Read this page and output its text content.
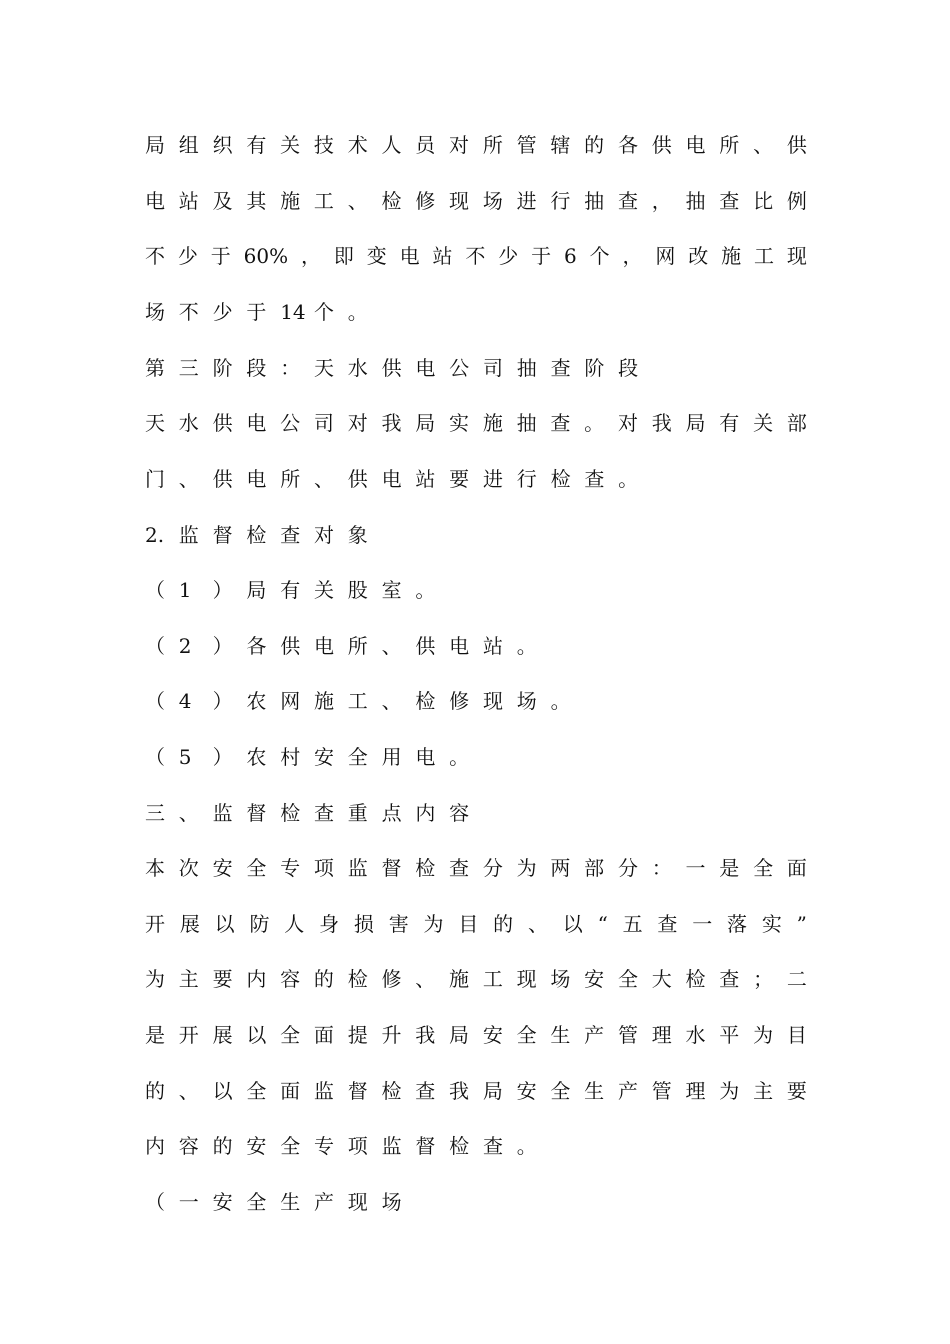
局 组 织 有 关 技 术 人 员 对 所 管 辖 的 各 供 电 所 、 供
电 站 及 其 施 工 、 检 修 现 场 进 行 抽 查 ， 抽 查 比 例
不 少 于 60% ， 即 变 电 站 不 少 于 6 个 ， 网 改 施 工 现
场 不 少 于 14 个 。
第 三 阶 段 ： 天 水 供 电 公 司 抽 查 阶 段
天 水 供 电 公 司 对 我 局 实 施 抽 查 。 对 我 局 有 关 部
门 、 供 电 所 、 供 电 站 要 进 行 检 查 。
2. 监 督 检 查 对 象
（ 1	） 局 有 关 股 室 。
（ 2	） 各 供 电 所 、 供 电 站 。
（ 4	） 农 网 施 工 、 检 修 现 场 。
（ 5	） 农 村 安 全 用 电 。
三 、 监 督 检 查 重 点 内 容
本 次 安 全 专 项 监 督 检 查 分 为 两 部 分 ： 一 是 全 面
开 展 以 防 人 身 损 害 为 目 的 、 以 “ 五 查 一 落 实 ”
为 主 要 内 容 的 检 修 、 施 工 现 场 安 全 大 检 查 ； 二
是 开 展 以 全 面 提 升 我 局 安 全 生 产 管 理 水 平 为 目
的 、 以 全 面 监 督 检 查 我 局 安 全 生 产 管 理 为 主 要
内 容 的 安 全 专 项 监 督 检 查 。
（ 一 安 全 生 产 现 场
